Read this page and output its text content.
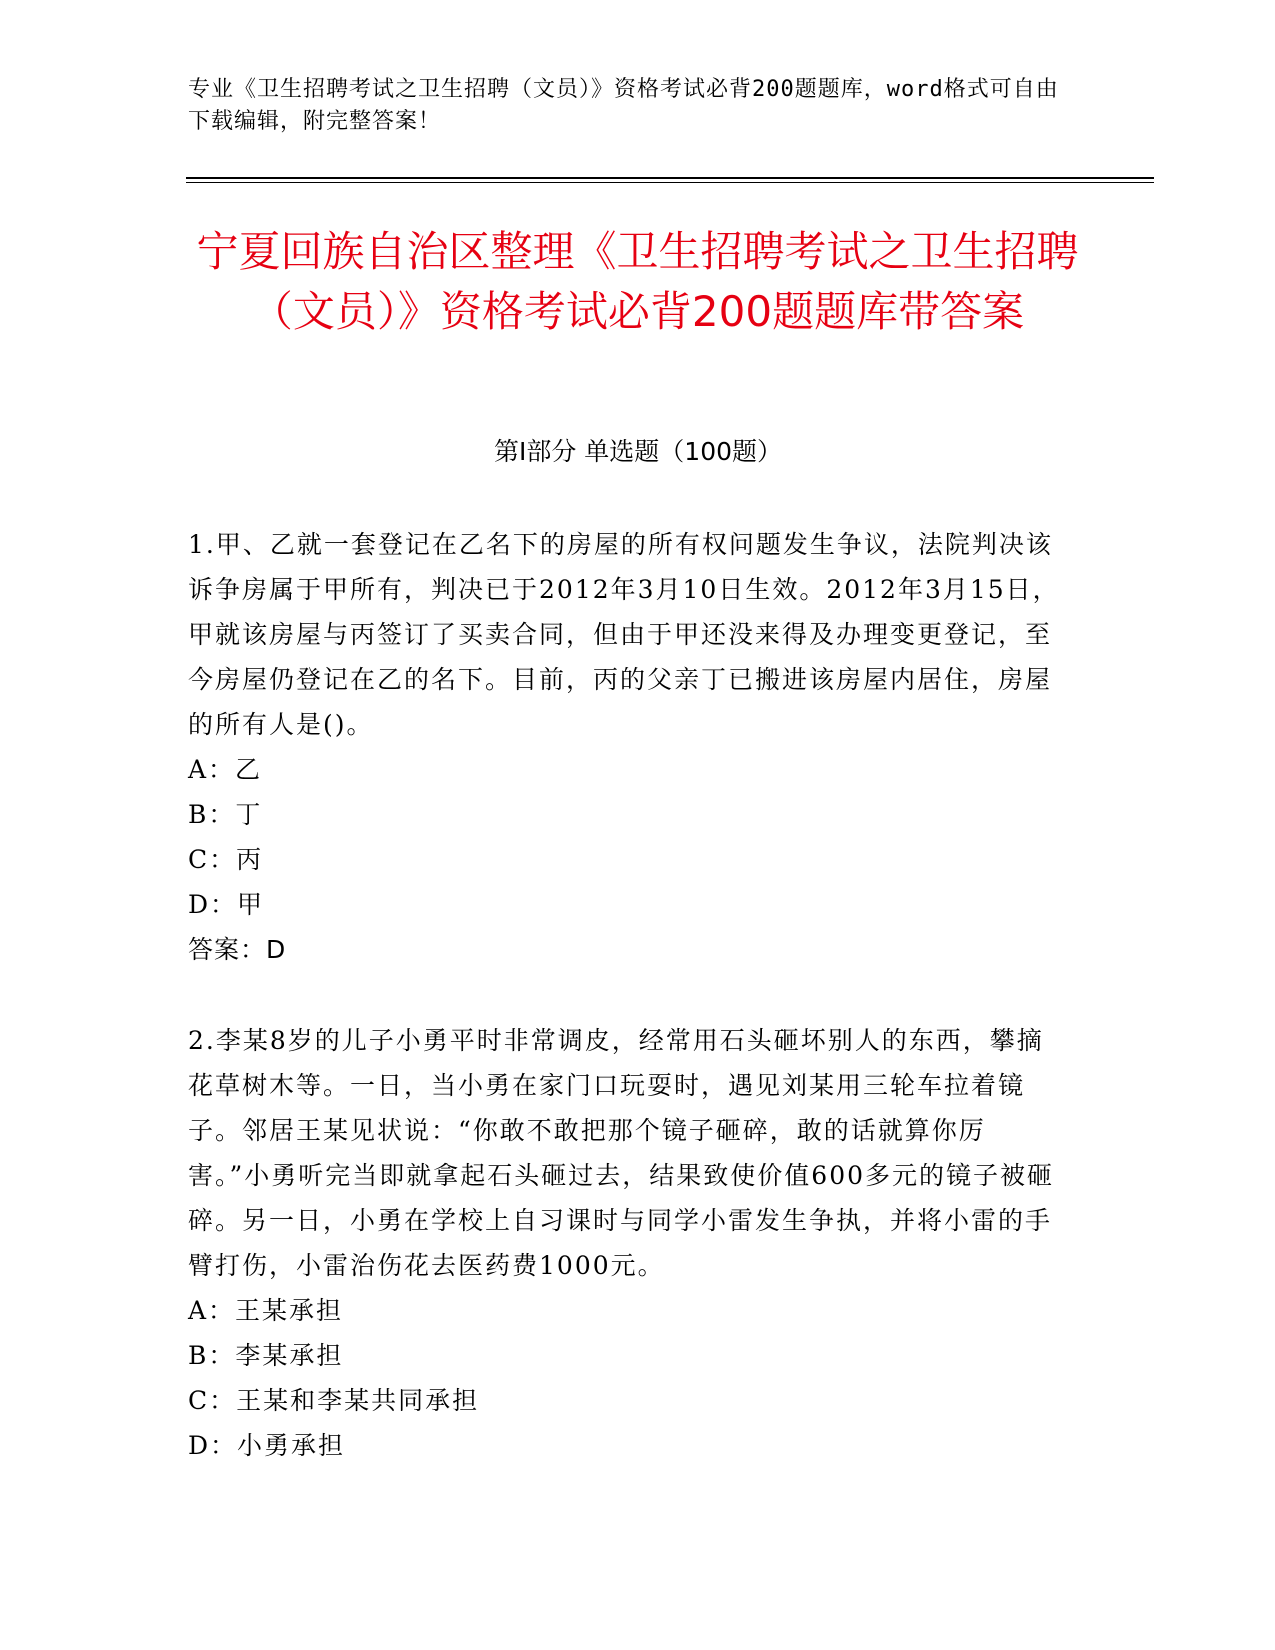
专业《卫生招聘考试之卫生招聘（文员）》资格考试必背200题题库，word格式可自由下载编辑，附完整答案！
宁夏回族自治区整理《卫生招聘考试之卫生招聘（文员）》资格考试必背200题题库带答案
第Ⅰ部分 单选题（100题）

1.甲、乙就一套登记在乙名下的房屋的所有权问题发生争议，法院判决该诉争房属于甲所有，判决已于2012年3月10日生效。2012年3月15日，甲就该房屋与丙签订了买卖合同，但由于甲还没来得及办理变更登记，至今房屋仍登记在乙的名下。目前，丙的父亲丁已搬进该房屋内居住，房屋的所有人是()。

A：乙

B：丁

C：丙

D：甲

答案：D

2.李某8岁的儿子小勇平时非常调皮，经常用石头砸坏别人的东西，攀摘花草树木等。一日，当小勇在家门口玩耍时，遇见刘某用三轮车拉着镜子。邻居王某见状说：“你敢不敢把那个镜子砸碎，敢的话就算你厉害。”小勇听完当即就拿起石头砸过去，结果致使价值600多元的镜子被砸碎。另一日，小勇在学校上自习课时与同学小雷发生争执，并将小雷的手臂打伤，小雷治伤花去医药费1000元。

A：王某承担

B：李某承担

C：王某和李某共同承担

D：小勇承担
